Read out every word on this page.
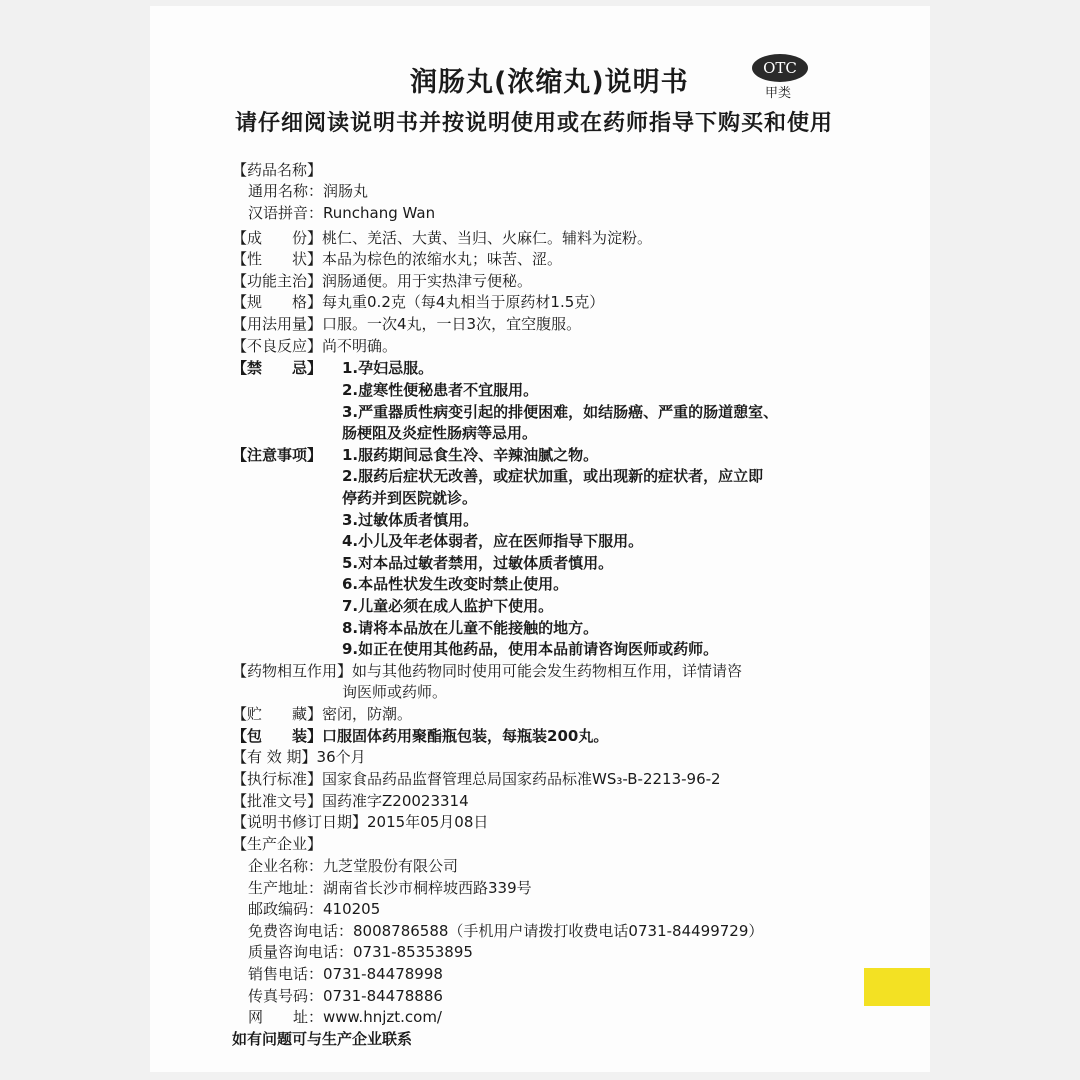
润肠丸(浓缩丸)说明书	OTC
甲类
请仔细阅读说明书并按说明使用或在药师指导下购买和使用
【药品名称】
通用名称：润肠丸
汉语拼音：Runchang Wan
【成　　份】桃仁、羌活、大黄、当归、火麻仁。辅料为淀粉。
【性　　状】本品为棕色的浓缩水丸；味苦、涩。
【功能主治】润肠通便。用于实热津亏便秘。
【规　　格】每丸重0.2克（每4丸相当于原药材1.5克）
【用法用量】口服。一次4丸，一日3次，宜空腹服。
【不良反应】尚不明确。
【禁　　忌】 1.孕妇忌服。
2.虚寒性便秘患者不宜服用。
3.严重器质性病变引起的排便困难，如结肠癌、严重的肠道憩室、
肠梗阻及炎症性肠病等忌用。
【注意事项】 1.服药期间忌食生冷、辛辣油腻之物。
2.服药后症状无改善，或症状加重，或出现新的症状者，应立即
停药并到医院就诊。
3.过敏体质者慎用。
4.小儿及年老体弱者，应在医师指导下服用。
5.对本品过敏者禁用，过敏体质者慎用。
6.本品性状发生改变时禁止使用。
7.儿童必须在成人监护下使用。
8.请将本品放在儿童不能接触的地方。
9.如正在使用其他药品，使用本品前请咨询医师或药师。
【药物相互作用】如与其他药物同时使用可能会发生药物相互作用，详情请咨
询医师或药师。
【贮　　藏】密闭，防潮。
【包　　装】口服固体药用聚酯瓶包装，每瓶装200丸。
【有 效 期】36个月
【执行标准】国家食品药品监督管理总局国家药品标准WS₃-B-2213-96-2
【批准文号】国药准字Z20023314
【说明书修订日期】2015年05月08日
【生产企业】
企业名称：九芝堂股份有限公司
生产地址：湖南省长沙市桐梓坡西路339号
邮政编码：410205
免费咨询电话：8008786588（手机用户请拨打收费电话0731-84499729）
质量咨询电话：0731-85353895
销售电话：0731-84478998
传真号码：0731-84478886
网　　址：www.hnjzt.com/
如有问题可与生产企业联系
